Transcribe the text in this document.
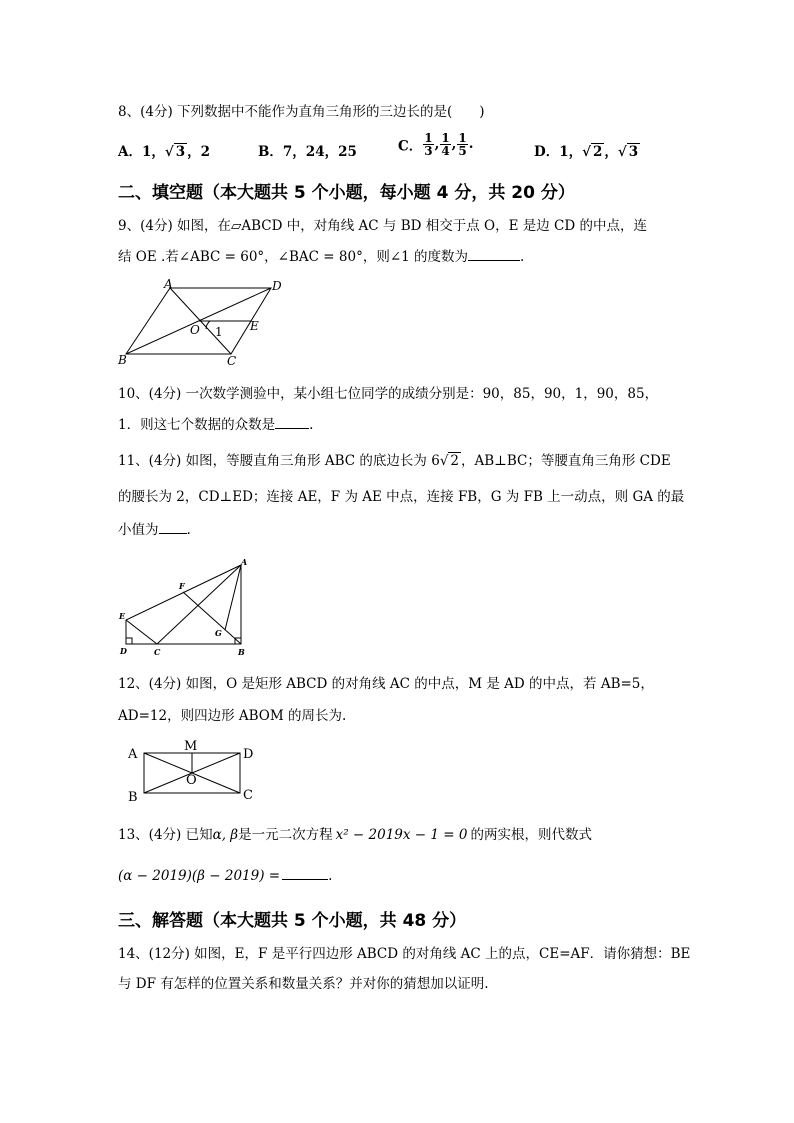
8、(4分) 下列数据中不能作为直角三角形的三边长的是(　　)
A．1，√ 3 ，2	B．7，24，25	C． $\frac{1}{3}$ , $\frac{1}{4}$ , $\frac{1}{5}$ .	D．1，√ 2 ，√ 3
二、填空题（本大题共 5 个小题，每小题 4 分，共 20 分）
9、(4分) 如图，在▱ABCD 中，对角线 AC 与 BD 相交于点 O，E 是边 CD 的中点，连
结 OE .若∠ABC = 60°，∠BAC = 80°，则∠1 的度数为	.
A	D
B	C
O	E
1
10、(4分) 一次数学测验中，某小组七位同学的成绩分别是：90，85，90，1，90，85，
1．则这七个数据的众数是	.
11、(4分) 如图，等腰直角三角形 ABC 的底边长为 6√ 2 ，AB⊥BC；等腰直角三角形 CDE
的腰长为 2，CD⊥ED；连接 AE，F 为 AE 中点，连接 FB，G 为 FB 上一动点，则 GA 的最
小值为 .
A
F
E
G
D	C	B
12、(4分) 如图，O 是矩形 ABCD 的对角线 AC 的中点，M 是 AD 的中点，若 AB=5，
AD=12，则四边形 ABOM 的周长为.
A	D
B	C
M
O
13、(4分) 已知α, β是一元二次方程 x² − 2019x − 1 = 0 的两实根，则代数式
(α − 2019)(β − 2019) =	.
三、解答题（本大题共 5 个小题，共 48 分）
14、(12分) 如图，E，F 是平行四边形 ABCD 的对角线 AC 上的点，CE=AF．请你猜想：BE
与 DF 有怎样的位置关系和数量关系？并对你的猜想加以证明.
